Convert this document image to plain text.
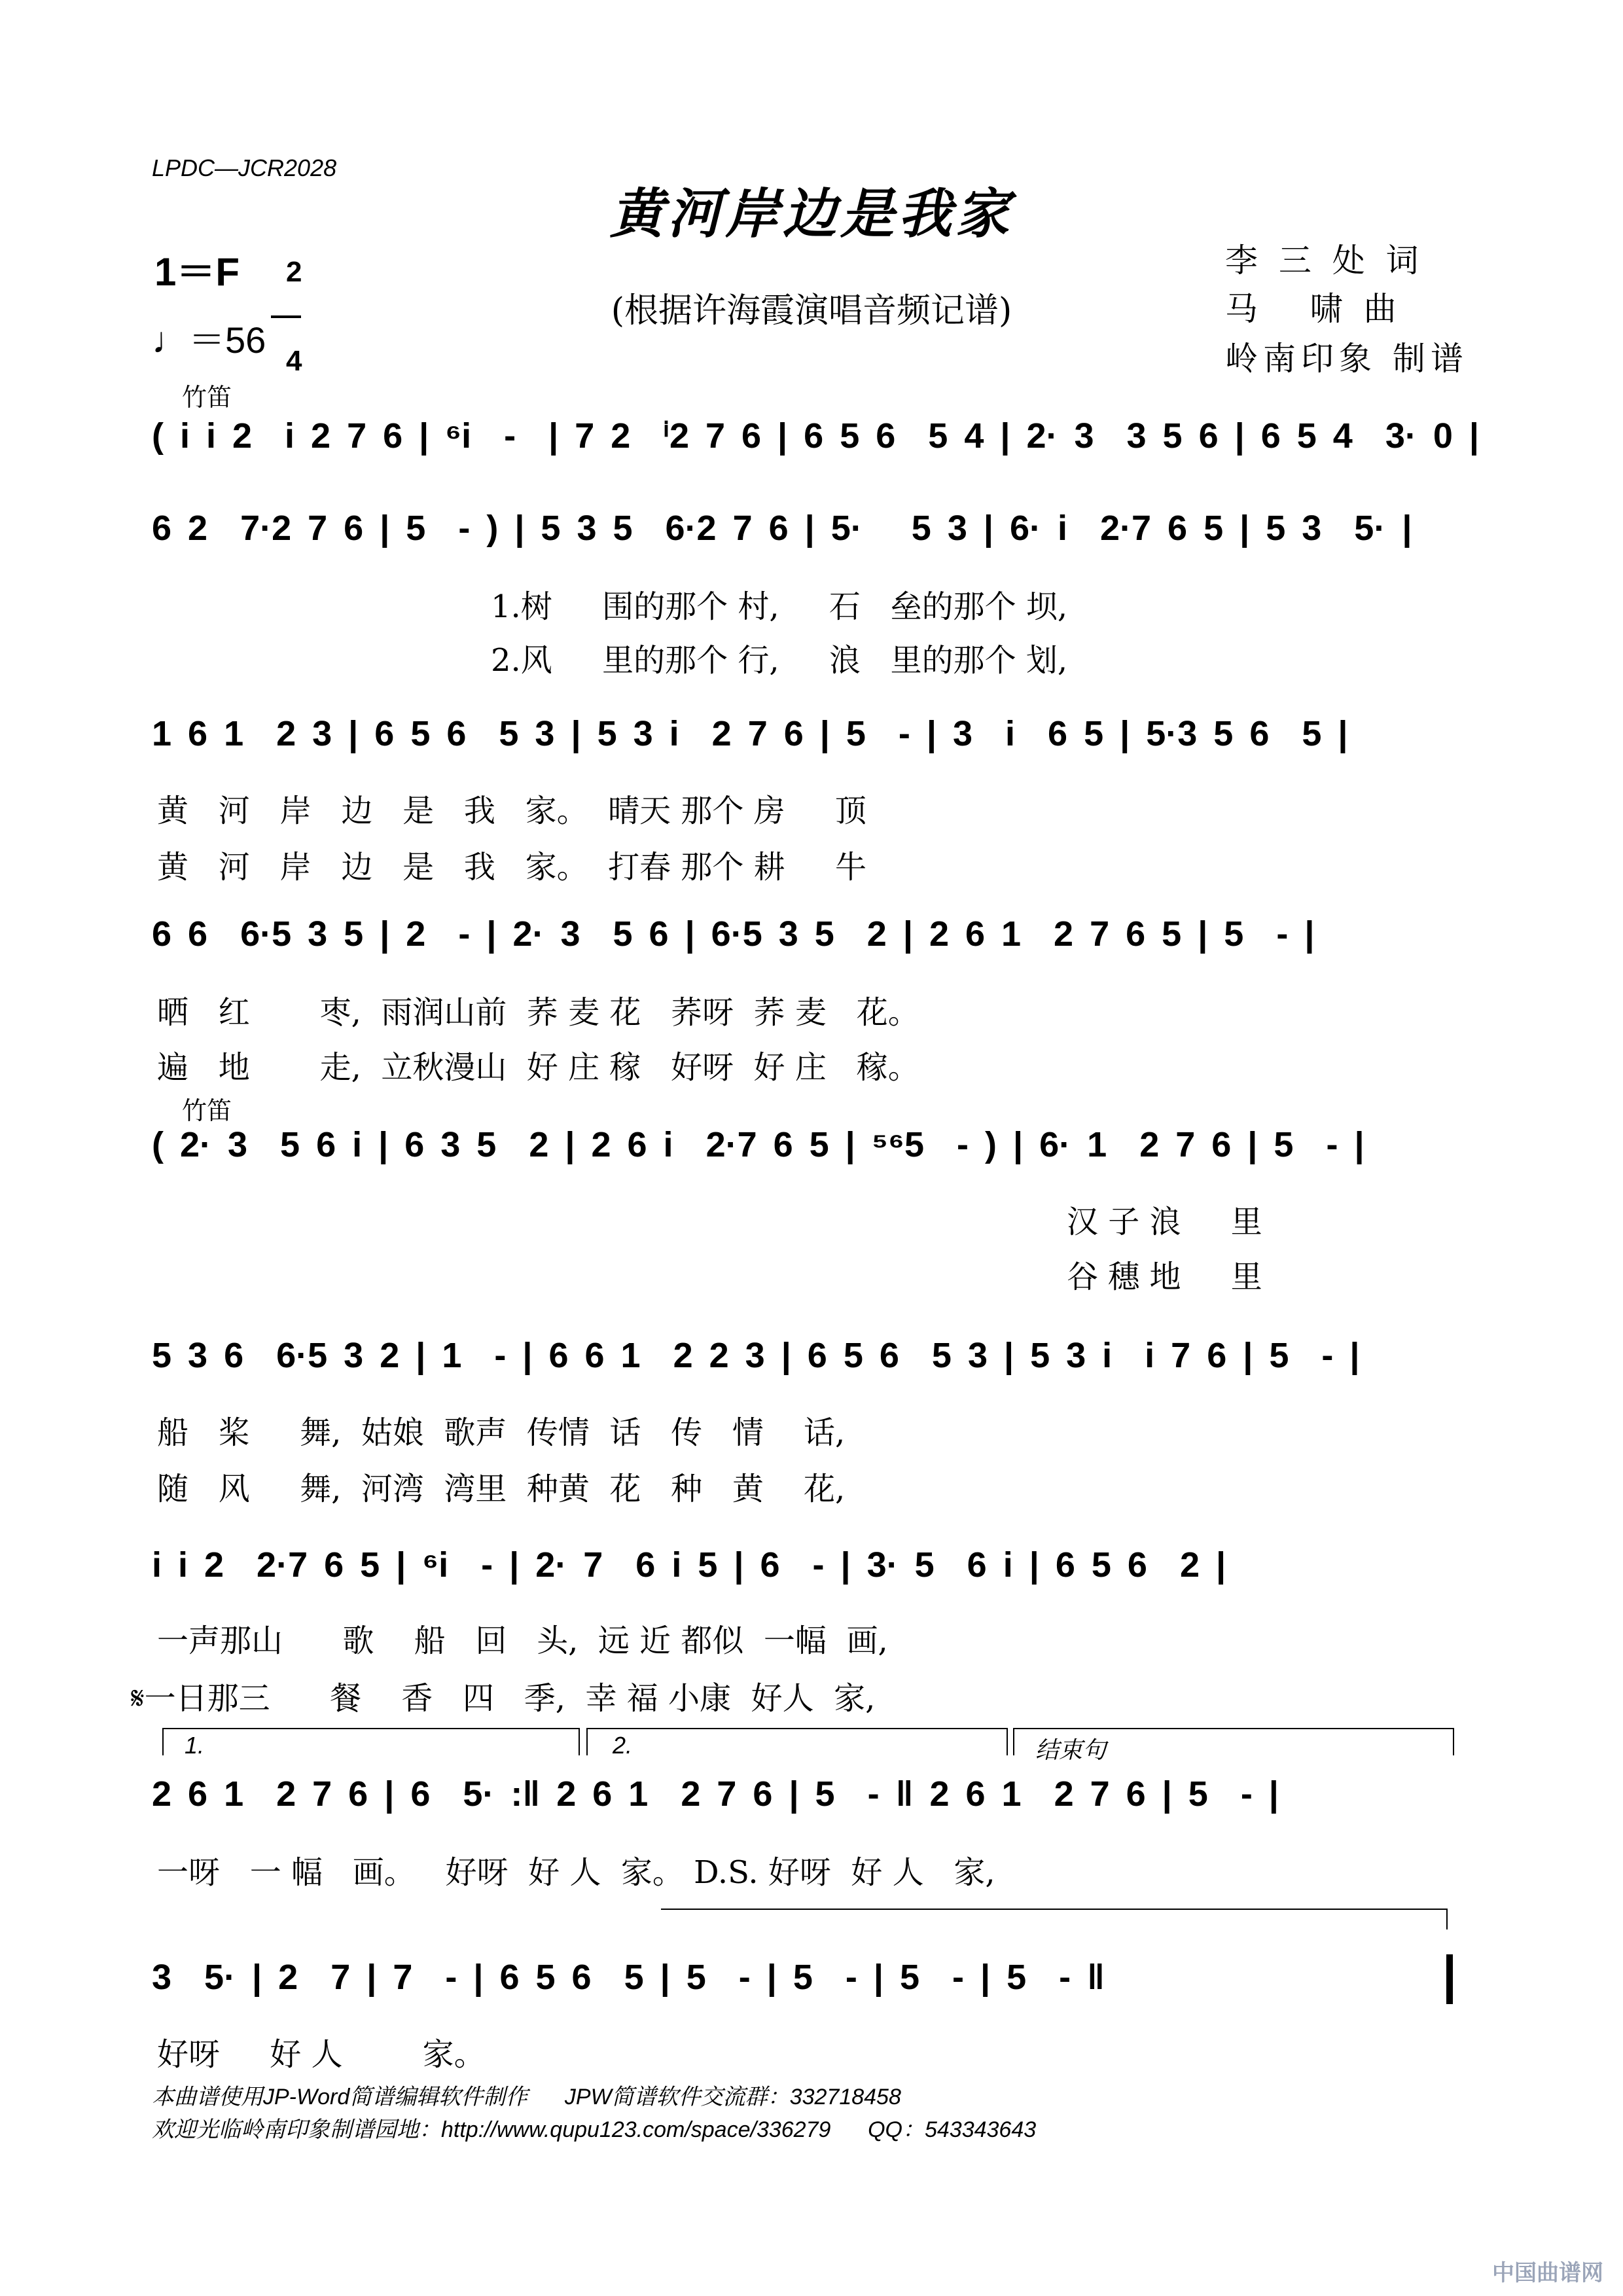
LPDC—JCR2028
黄河岸边是我家
(根据许海霞演唱音频记谱)
1＝F	2

4

♩＝56
李 三 处 词
马   啸 曲
岭南印象 制谱
竹笛
( i i 2  i 2 7 6 | ⁶i  -  | 7 2  ⁱ2 7 6 | 6 5 6  5 4 | 2· 3  3 5 6 | 6 5 4  3· 0 |
6 2  7·2 7 6 | 5  - ) | 5 3 5  6·2 7 6 | 5·   5 3 | 6· i  2·7 6 5 | 5 3  5· |
1.树     围的那个 村,     石   垒的那个 坝,
2.风     里的那个 行,     浪   里的那个 划,
1 6 1  2 3 | 6 5 6  5 3 | 5 3 i  2 7 6 | 5  - | 3  i  6 5 | 5·3 5 6  5 |
黄   河   岸   边   是   我   家。  晴天 那个 房     顶
黄   河   岸   边   是   我   家。  打春 那个 耕     牛
6 6  6·5 3 5 | 2  - | 2· 3  5 6 | 6·5 3 5  2 | 2 6 1  2 7 6 5 | 5  - |
晒   红       枣,  雨润山前  荞 麦 花   荞呀  荞 麦   花。
遍   地       走,  立秋漫山  好 庄 稼   好呀  好 庄   稼。
竹笛
( 2· 3  5 6 i | 6 3 5  2 | 2 6 i  2·7 6 5 | ⁵⁶5  - ) | 6· 1  2 7 6 | 5  - |
汉 子 浪     里
谷 穗 地     里
5 3 6  6·5 3 2 | 1  - | 6 6 1  2 2 3 | 6 5 6  5 3 | 5 3 i  i 7 6 | 5  - |
船   桨     舞,  姑娘  歌声  传情  话   传   情    话,
随   风     舞,  河湾  湾里  种黄  花   种   黄    花,
i i 2  2·7 6 5 | ⁶i  - | 2· 7  6 i 5 | 6  - | 3· 5  6 i | 6 5 6  2 |
一声那山      歌    船   回   头,  远 近 都似  一幅  画,
𝄋一日那三      餐    香   四   季,  幸 福 小康  好人  家,
1.	2.	结束句
2 6 1  2 7 6 | 6  5· :‖ 2 6 1  2 7 6 | 5  - ‖ 2 6 1  2 7 6 | 5  - |
一呀   一 幅   画。   好呀  好 人  家。 D.S. 好呀  好 人   家,
3  5· | 2  7 | 7  - | 6 5 6  5 | 5  - | 5  - | 5  - | 5  - ‖
好呀     好 人        家。
本曲谱使用JP-Word简谱编辑软件制作      JPW简谱软件交流群：332718458
欢迎光临岭南印象制谱园地：http://www.qupu123.com/space/336279      QQ：543343643
中国曲谱网
